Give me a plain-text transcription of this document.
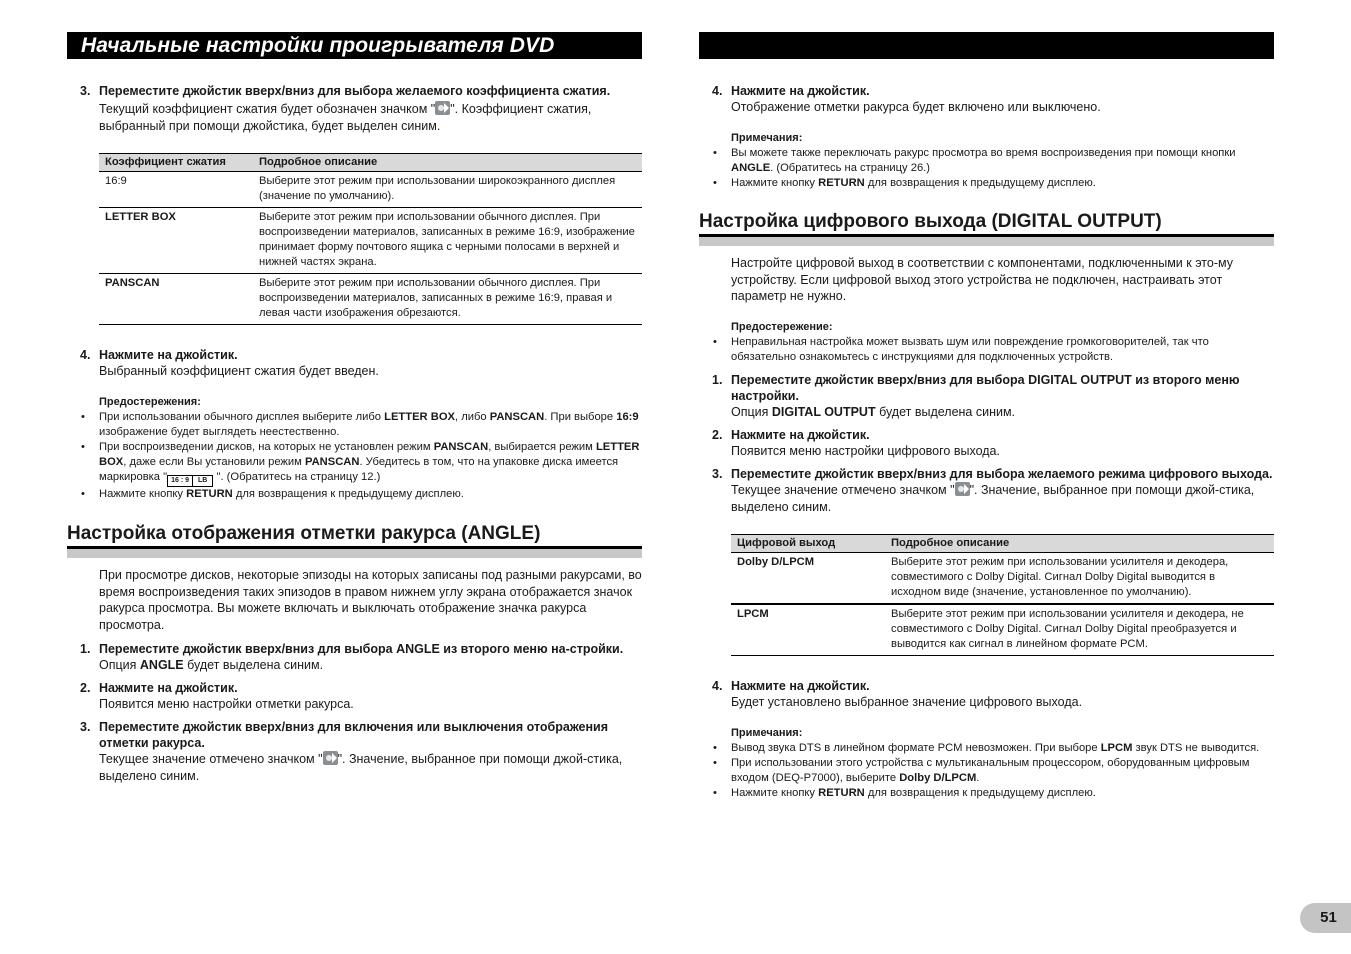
Начальные настройки проигрывателя DVD
3. Переместите джойстик вверх/вниз для выбора желаемого коэффициента сжатия.
Текущий коэффициент сжатия будет обозначен значком " ". Коэффициент сжатия, выбранный при помощи джойстика, будет выделен синим.
Коэффициент сжатия	Подробное описание
16:9	Выберите этот режим при использовании широкоэкранного дисплея (значение по умолчанию).
LETTER BOX	Выберите этот режим при использовании обычного дисплея. При воспроизведении материалов, записанных в режиме 16:9, изображение принимает форму почтового ящика с черными полосами в верхней и нижней частях экрана.
PANSCAN	Выберите этот режим при использовании обычного дисплея. При воспроизведении материалов, записанных в режиме 16:9, правая и левая части изображения обрезаются.
4. Нажмите на джойстик.
Выбранный коэффициент сжатия будет введен.
Предостережения:
• При использовании обычного дисплея выберите либо LETTER BOX, либо PANSCAN. При выборе 16:9 изображение будет выглядеть неестественно.
• При воспроизведении дисков, на которых не установлен режим PANSCAN, выбирается режим LETTER BOX, даже если Вы установили режим PANSCAN. Убедитесь в том, что на упаковке диска имеется маркировка " 16 : 9	LB ". (Обратитесь на страницу 12.)
• Нажмите кнопку RETURN для возвращения к предыдущему дисплею.
Настройка отображения отметки ракурса (ANGLE)
При просмотре дисков, некоторые эпизоды на которых записаны под разными ракурсами, во время воспроизведения таких эпизодов в правом нижнем углу экрана отображается значок ракурса просмотра. Вы можете включать и выключать отображение значка ракурса просмотра.
1. Переместите джойстик вверх/вниз для выбора ANGLE из второго меню на-стройки.
Опция ANGLE будет выделена синим.
2. Нажмите на джойстик.
Появится меню настройки отметки ракурса.
3. Переместите джойстик вверх/вниз для включения или выключения отображения отметки ракурса.
Текущее значение отмечено значком " ". Значение, выбранное при помощи джой-стика, выделено синим.
4. Нажмите на джойстик.
Отображение отметки ракурса будет включено или выключено.
Примечания:
• Вы можете также переключать ракурс просмотра во время воспроизведения при помощи кнопки ANGLE. (Обратитесь на страницу 26.)
• Нажмите кнопку RETURN для возвращения к предыдущему дисплею.
Настройка цифрового выхода (DIGITAL OUTPUT)
Настройте цифровой выход в соответствии с компонентами, подключенными к это-му устройству. Если цифровой выход этого устройства не подключен, настраивать этот параметр не нужно.
Предостережение:
• Неправильная настройка может вызвать шум или повреждение громкоговорителей, так что обязательно ознакомьтесь с инструкциями для подключенных устройств.
1. Переместите джойстик вверх/вниз для выбора DIGITAL OUTPUT из второго меню настройки.
Опция DIGITAL OUTPUT будет выделена синим.
2. Нажмите на джойстик.
Появится меню настройки цифрового выхода.
3. Переместите джойстик вверх/вниз для выбора желаемого режима цифрового выхода.
Текущее значение отмечено значком " ". Значение, выбранное при помощи джой-стика, выделено синим.
Цифровой выход	Подробное описание
Dolby D/LPCM	Выберите этот режим при использовании усилителя и декодера, совместимого с Dolby Digital. Сигнал Dolby Digital выводится в исходном виде (значение, установленное по умолчанию).
LPCM	Выберите этот режим при использовании усилителя и декодера, не совместимого с Dolby Digital. Сигнал Dolby Digital преобразуется и выводится как сигнал в линейном формате PCM.
4. Нажмите на джойстик.
Будет установлено выбранное значение цифрового выхода.
Примечания:
• Вывод звука DTS в линейном формате PCM невозможен. При выборе LPCM звук DTS не выводится.
• При использовании этого устройства с мультиканальным процессором, оборудованным цифровым входом (DEQ-P7000), выберите Dolby D/LPCM.
• Нажмите кнопку RETURN для возвращения к предыдущему дисплею.
51
